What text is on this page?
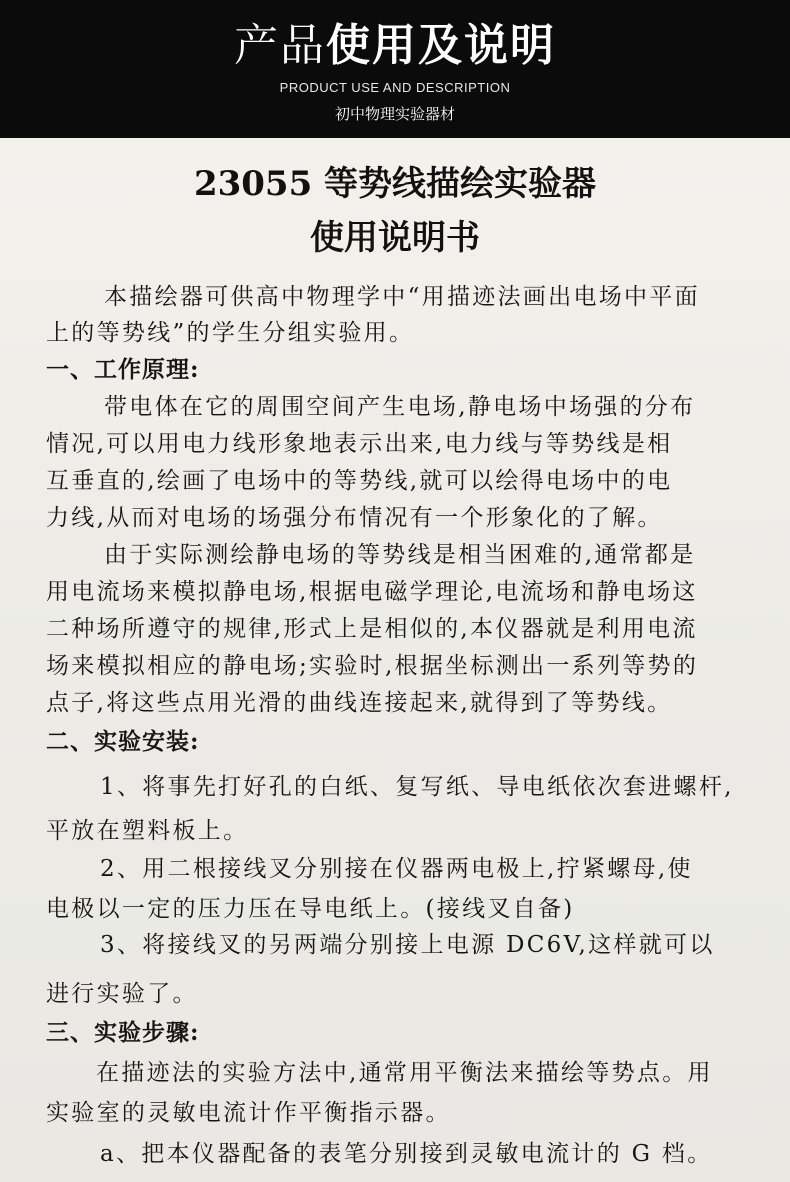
产品使用及说明
PRODUCT USE AND DESCRIPTION
初中物理实验器材
23055 等势线描绘实验器
使用说明书
本描绘器可供高中物理学中“用描迹法画出电场中平面
上的等势线”的学生分组实验用。
一、工作原理:
带电体在它的周围空间产生电场,静电场中场强的分布
情况,可以用电力线形象地表示出来,电力线与等势线是相
互垂直的,绘画了电场中的等势线,就可以绘得电场中的电
力线,从而对电场的场强分布情况有一个形象化的了解。
由于实际测绘静电场的等势线是相当困难的,通常都是
用电流场来模拟静电场,根据电磁学理论,电流场和静电场这
二种场所遵守的规律,形式上是相似的,本仪器就是利用电流
场来模拟相应的静电场;实验时,根据坐标测出一系列等势的
点子,将这些点用光滑的曲线连接起来,就得到了等势线。
二、实验安装:
1、将事先打好孔的白纸、复写纸、导电纸依次套进螺杆,
平放在塑料板上。
2、用二根接线叉分别接在仪器两电极上,拧紧螺母,使
电极以一定的压力压在导电纸上。(接线叉自备)
3、将接线叉的另两端分别接上电源 DC6V,这样就可以
进行实验了。
三、实验步骤:
在描迹法的实验方法中,通常用平衡法来描绘等势点。用
实验室的灵敏电流计作平衡指示器。
a、把本仪器配备的表笔分别接到灵敏电流计的 G 档。
